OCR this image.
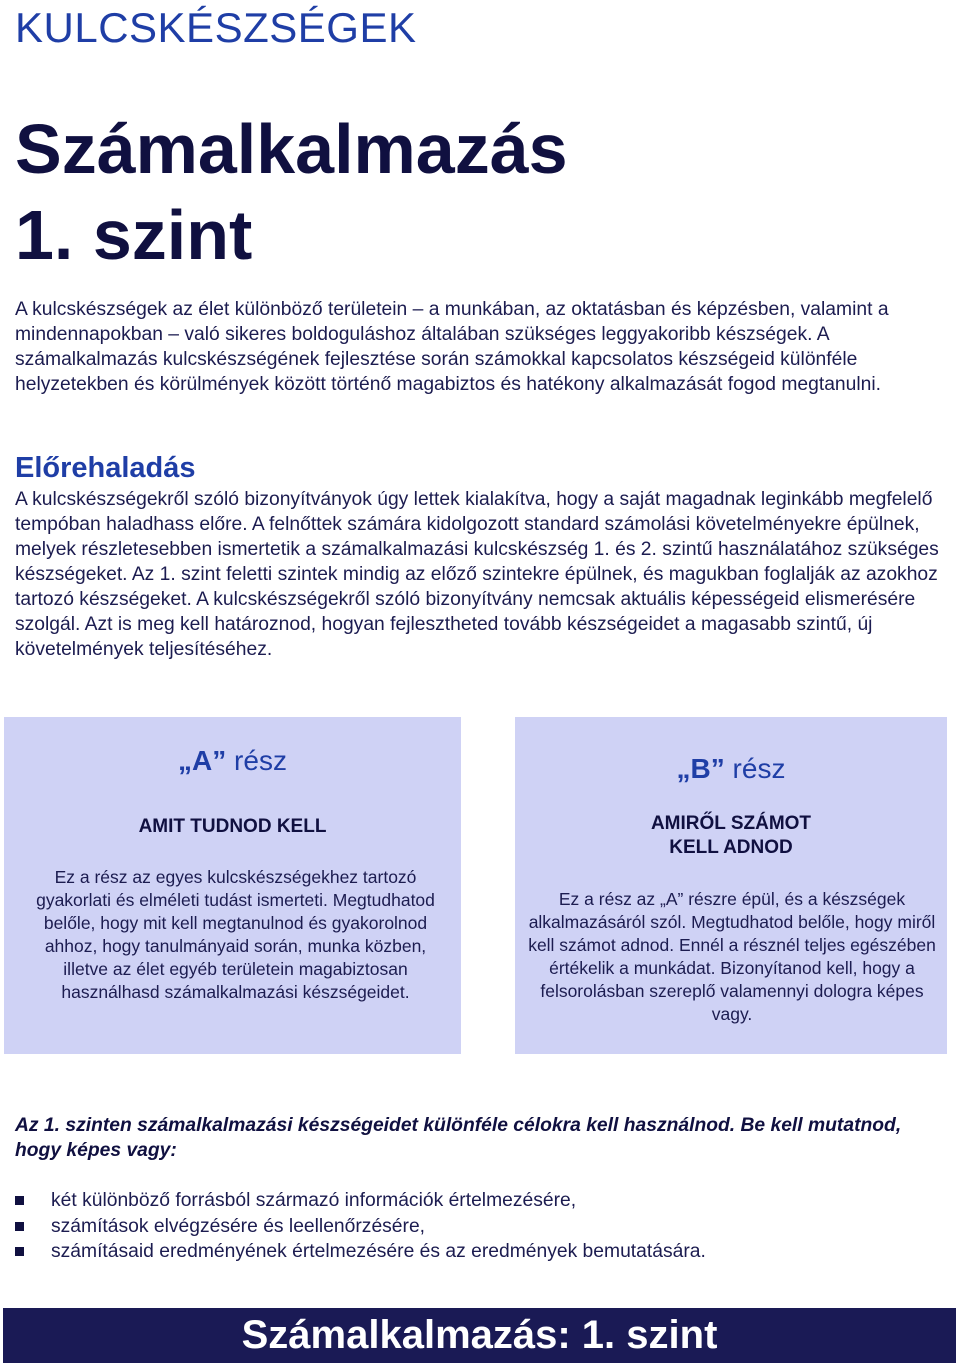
KULCSKÉSZSÉGEK
Számalkalmazás
1. szint

A kulcskészségek az élet különböző területein – a munkában, az oktatásban és képzésben, valamint a mindennapokban – való sikeres boldoguláshoz általában szükséges leggyakoribb készségek. A számalkalmazás kulcskészségének fejlesztése során számokkal kapcsolatos készségeid különféle helyzetekben és körülmények között történő magabiztos és hatékony alkalmazását fogod megtanulni.

Előrehaladás

A kulcskészségekről szóló bizonyítványok úgy lettek kialakítva, hogy a saját magadnak leginkább megfelelő tempóban haladhass előre. A felnőttek számára kidolgozott standard számolási követelményekre épülnek, melyek részletesebben ismertetik a számalkalmazási kulcskészség 1. és 2. szintű használatához szükséges készségeket. Az 1. szint feletti szintek mindig az előző szintekre épülnek, és magukban foglalják az azokhoz tartozó készségeket. A kulcskészségekről szóló bizonyítvány nemcsak aktuális képességeid elismerésére szolgál. Azt is meg kell határoznod, hogyan fejlesztheted tovább készségeidet a magasabb szintű, új követelmények teljesítéséhez.

„A” rész
AMIT TUDNOD KELL
Ez a rész az egyes kulcskészségekhez tartozó gyakorlati és elméleti tudást ismerteti. Megtudhatod belőle, hogy mit kell megtanulnod és gyakorolnod ahhoz, hogy tanulmányaid során, munka közben, illetve az élet egyéb területein magabiztosan használhasd számalkalmazási készségeidet.
„B” rész
AMIRŐL SZÁMOT
KELL ADNOD
Ez a rész az „A” részre épül, és a készségek alkalmazásáról szól. Megtudhatod belőle, hogy miről kell számot adnod. Ennél a résznél teljes egészében értékelik a munkádat. Bizonyítanod kell, hogy a felsorolásban szereplő valamennyi dologra képes vagy.

Az 1. szinten számalkalmazási készségeidet különféle célokra kell használnod. Be kell mutatnod, hogy képes vagy:

két különböző forrásból származó információk értelmezésére,
számítások elvégzésére és leellenőrzésére,
számításaid eredményének értelmezésére és az eredmények bemutatására.
Számalkalmazás: 1. szint
